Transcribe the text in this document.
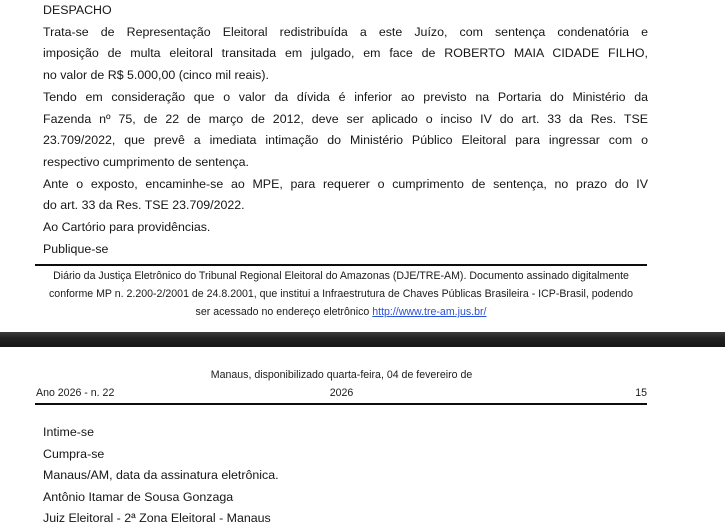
DESPACHO
Trata-se de Representação Eleitoral redistribuída a este Juízo, com sentença condenatória e
imposição de multa eleitoral transitada em julgado, em face de ROBERTO MAIA CIDADE FILHO,
no valor de R$ 5.000,00 (cinco mil reais).
Tendo em consideração que o valor da dívida é inferior ao previsto na Portaria do Ministério da
Fazenda nº 75, de 22 de março de 2012, deve ser aplicado o inciso IV do art. 33 da Res. TSE
23.709/2022, que prevê a imediata intimação do Ministério Público Eleitoral para ingressar com o
respectivo cumprimento de sentença.
Ante o exposto, encaminhe-se ao MPE, para requerer o cumprimento de sentença, no prazo do IV
do art. 33 da Res. TSE 23.709/2022.
Ao Cartório para providências.
Publique-se
Diário da Justiça Eletrônico do Tribunal Regional Eleitoral do Amazonas (DJE/TRE-AM). Documento assinado digitalmente
conforme MP n. 2.200-2/2001 de 24.8.2001, que institui a Infraestrutura de Chaves Públicas Brasileira - ICP-Brasil, podendo
ser acessado no endereço eletrônico http://www.tre-am.jus.br/
Manaus, disponibilizado quarta-feira, 04 de fevereiro de
Ano 2026 - n. 22	2026	15
Intime-se
Cumpra-se
Manaus/AM, data da assinatura eletrônica.
Antônio Itamar de Sousa Gonzaga
Juiz Eleitoral - 2ª Zona Eleitoral - Manaus
